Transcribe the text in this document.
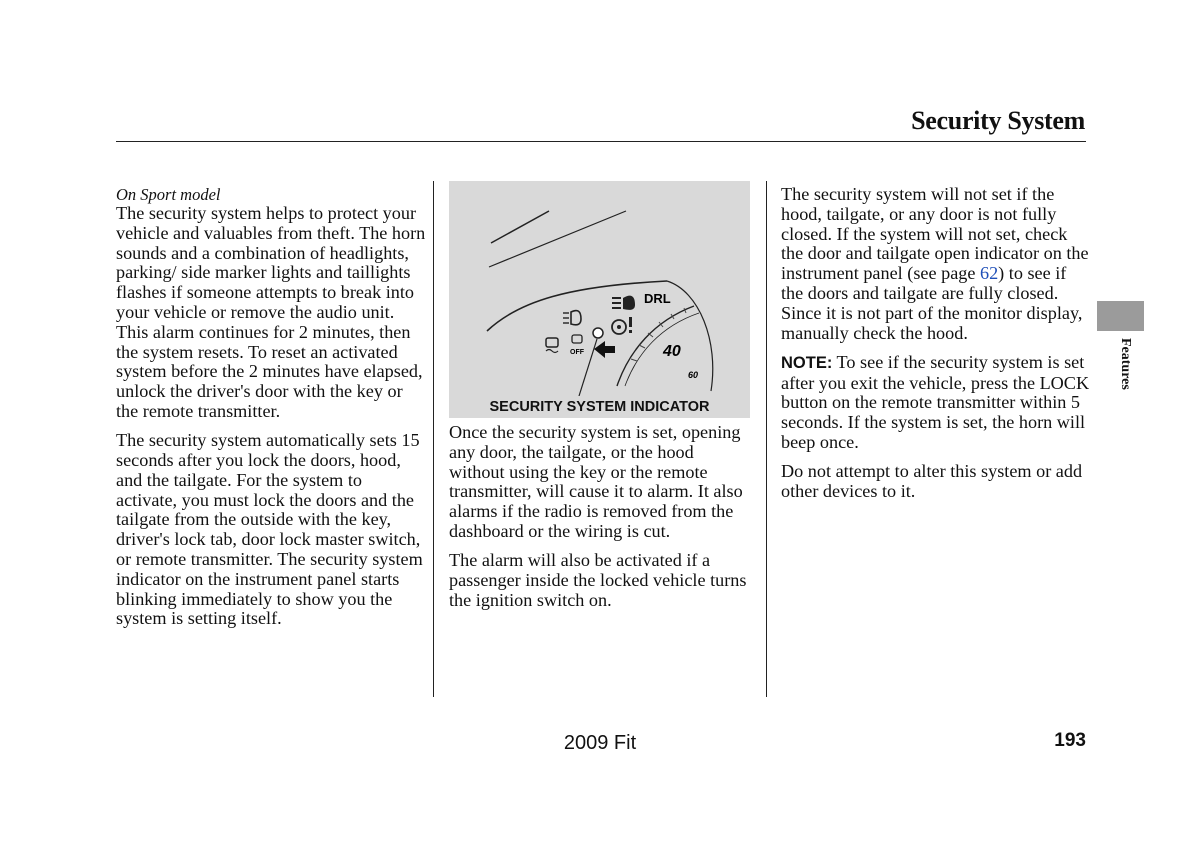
Security System
On Sport model

The security system helps to protect your vehicle and valuables from theft. The horn sounds and a combination of headlights, parking/ side marker lights and taillights flashes if someone attempts to break into your vehicle or remove the audio unit. This alarm continues for 2 minutes, then the system resets. To reset an activated system before the 2 minutes have elapsed, unlock the driver's door with the key or the remote transmitter.

The security system automatically sets 15 seconds after you lock the doors, hood, and the tailgate. For the system to activate, you must lock the doors and the tailgate from the outside with the key, driver's lock tab, door lock master switch, or remote transmitter. The security system indicator on the instrument panel starts blinking immediately to show you the system is setting itself.

DRL
OFF	40
60
SECURITY SYSTEM INDICATOR

Once the security system is set, opening any door, the tailgate, or the hood without using the key or the remote transmitter, will cause it to alarm. It also alarms if the radio is removed from the dashboard or the wiring is cut.

The alarm will also be activated if a passenger inside the locked vehicle turns the ignition switch on.

The security system will not set if the hood, tailgate, or any door is not fully closed. If the system will not set, check the door and tailgate open indicator on the instrument panel (see page 62) to see if the doors and tailgate are fully closed. Since it is not part of the monitor display, manually check the hood.

NOTE: To see if the security system is set after you exit the vehicle, press the LOCK button on the remote transmitter within 5 seconds. If the system is set, the horn will beep once.

Do not attempt to alter this system or add other devices to it.

Features
2009 Fit	193
